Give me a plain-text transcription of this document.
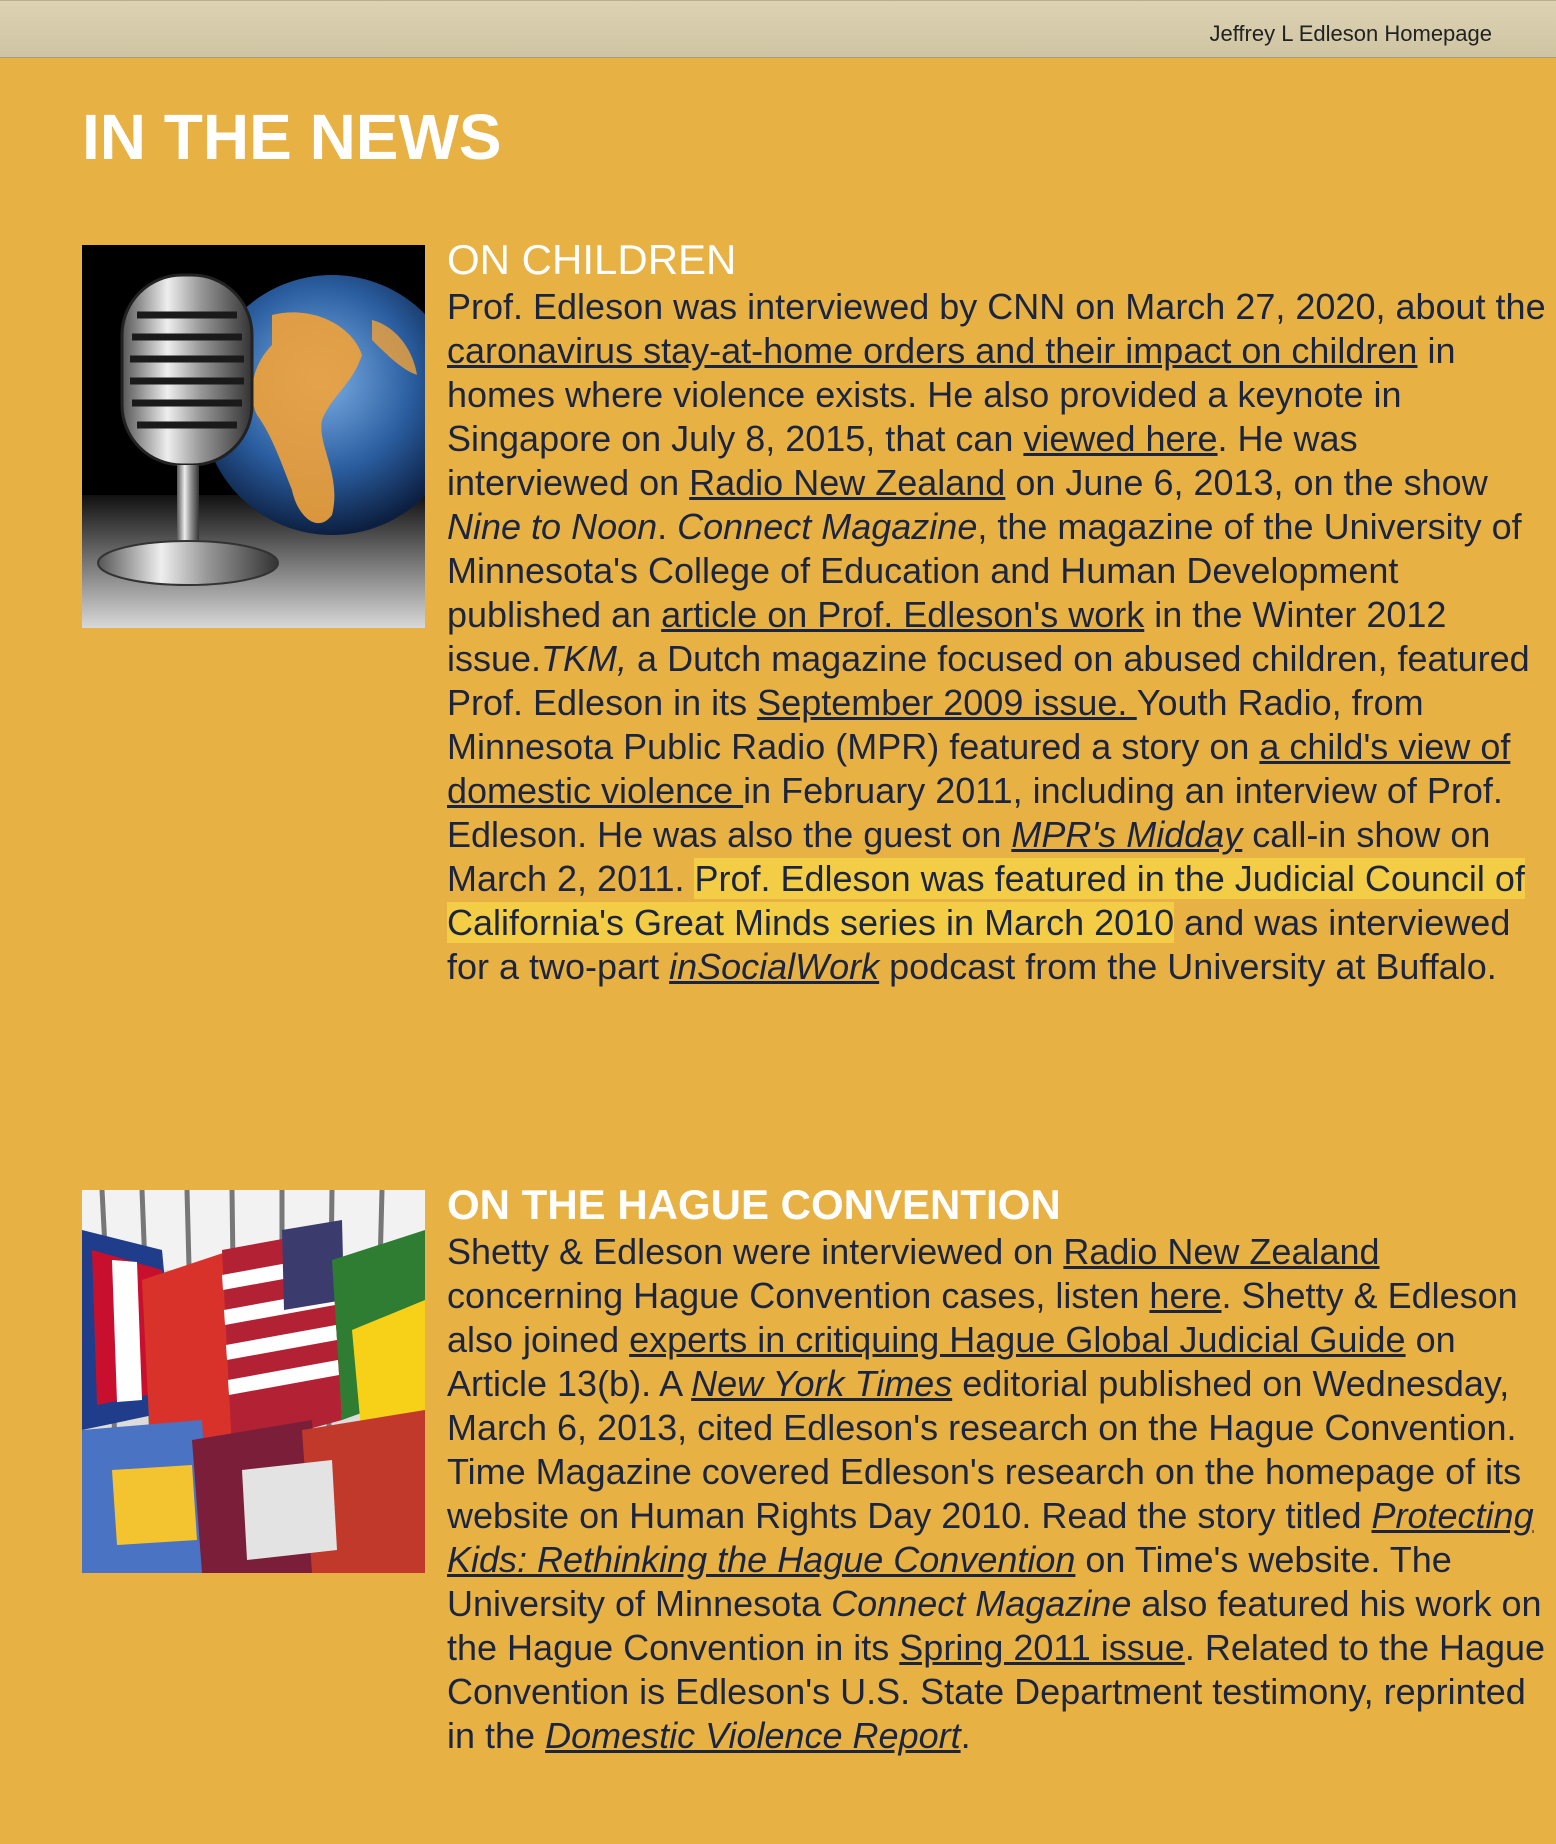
Jeffrey L Edleson Homepage
IN THE NEWS
ON CHILDREN

Prof. Edleson was interviewed by CNN on March 27, 2020, about the caronavirus stay-at-home orders and their impact on children in homes where violence exists. He also provided a keynote in Singapore on July 8, 2015, that can viewed here. He was interviewed on Radio New Zealand on June 6, 2013, on the show Nine to Noon. Connect Magazine, the magazine of the University of Minnesota's College of Education and Human Development published an article on Prof. Edleson's work in the Winter 2012 issue.TKM, a Dutch magazine focused on abused children, featured Prof. Edleson in its September 2009 issue. Youth Radio, from Minnesota Public Radio (MPR) featured a story on a child's view of domestic violence in February 2011, including an interview of Prof. Edleson. He was also the guest on MPR's Midday call-in show on March 2, 2011. Prof. Edleson was featured in the Judicial Council of California's Great Minds series in March 2010 and was interviewed for a two-part inSocialWork podcast from the University at Buffalo.

ON THE HAGUE CONVENTION

Shetty & Edleson were interviewed on Radio New Zealand concerning Hague Convention cases, listen here. Shetty & Edleson also joined experts in critiquing Hague Global Judicial Guide on Article 13(b). A New York Times editorial published on Wednesday, March 6, 2013, cited Edleson's research on the Hague Convention. Time Magazine covered Edleson's research on the homepage of its website on Human Rights Day 2010. Read the story titled Protecting Kids: Rethinking the Hague Convention on Time's website. The University of Minnesota Connect Magazine also featured his work on the Hague Convention in its Spring 2011 issue. Related to the Hague Convention is Edleson's U.S. State Department testimony, reprinted in the Domestic Violence Report.
